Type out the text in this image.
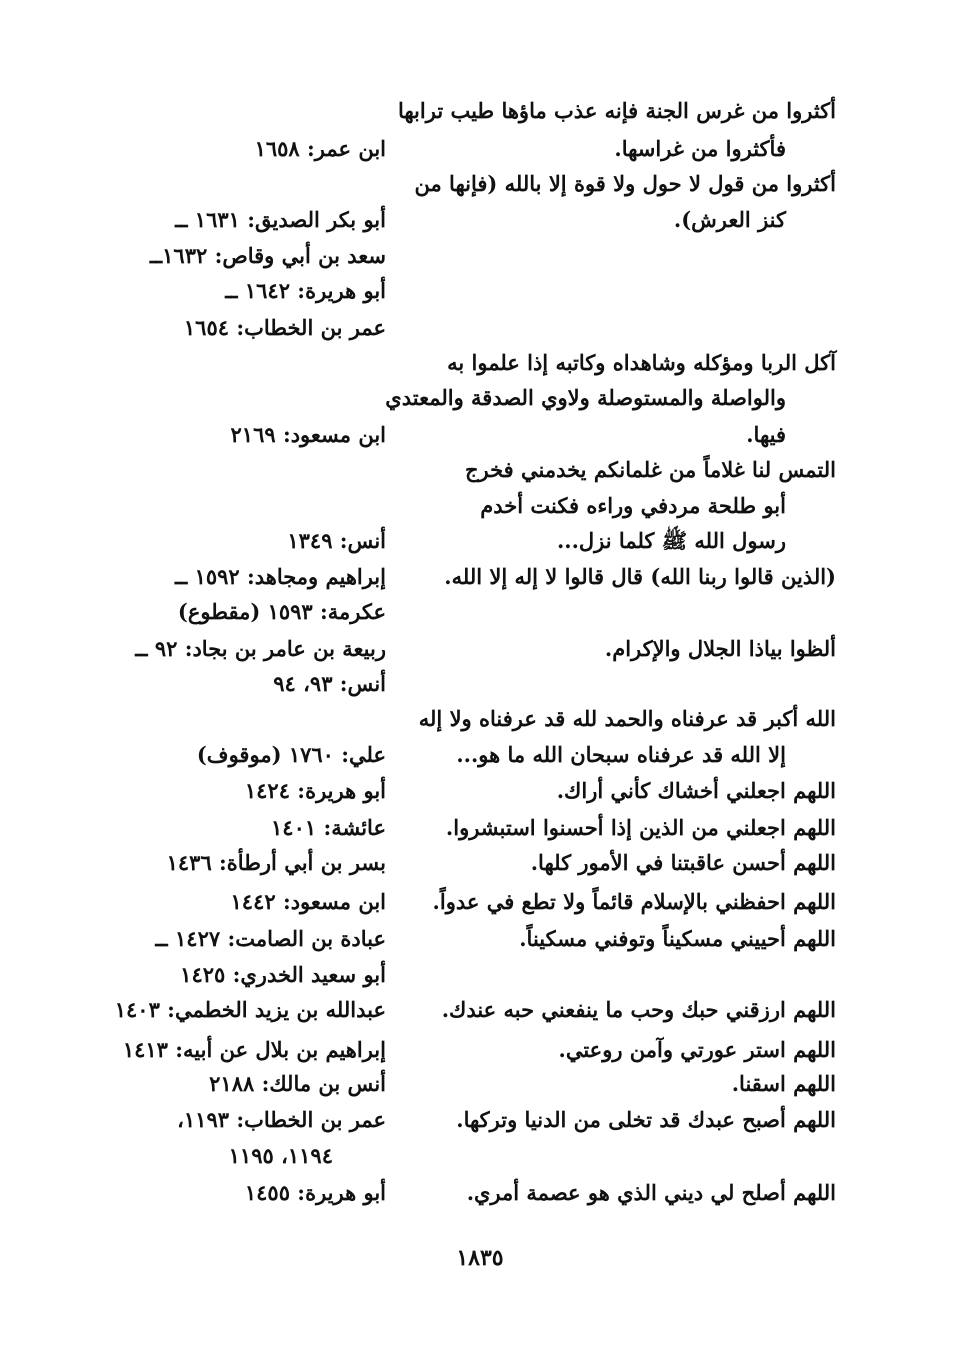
أكثروا من غرس الجنة فإنه عذب ماؤها طيب ترابها
فأكثروا من غراسها.
ابن عمر: ١٦٥٨
أكثروا من قول لا حول ولا قوة إلا بالله (فإنها من
كنز العرش).
أبو بكر الصديق: ١٦٣١ ــ
سعد بن أبي وقاص: ١٦٣٢ــ
أبو هريرة: ١٦٤٢ ــ
عمر بن الخطاب: ١٦٥٤
آكل الربا ومؤكله وشاهداه وكاتبه إذا علموا به
والواصلة والمستوصلة ولاوي الصدقة والمعتدي
فيها.
ابن مسعود: ٢١٦٩
التمس لنا غلاماً من غلمانكم يخدمني فخرج
أبو طلحة مردفي وراءه فكنت أخدم
رسول الله ﷺ كلما نزل...
أنس: ١٣٤٩
(الذين قالوا ربنا الله) قال قالوا لا إله إلا الله.
إبراهيم ومجاهد: ١٥٩٢ ــ
عكرمة: ١٥٩٣ (مقطوع)
ألظوا بياذا الجلال والإكرام.
ربيعة بن عامر بن بجاد: ٩٢ ــ
أنس: ٩٣، ٩٤
الله أكبر قد عرفناه والحمد لله قد عرفناه ولا إله
إلا الله قد عرفناه سبحان الله ما هو...
علي: ١٧٦٠ (موقوف)
اللهم اجعلني أخشاك كأني أراك.
أبو هريرة: ١٤٢٤
اللهم اجعلني من الذين إذا أحسنوا استبشروا.
عائشة: ١٤٠١
اللهم أحسن عاقبتنا في الأمور كلها.
بسر بن أبي أرطأة: ١٤٣٦
اللهم احفظني بالإسلام قائماً ولا تطع في عدواً.
ابن مسعود: ١٤٤٢
اللهم أحييني مسكيناً وتوفني مسكيناً.
عبادة بن الصامت: ١٤٢٧ ــ
أبو سعيد الخدري: ١٤٢٥
اللهم ارزقني حبك وحب ما ينفعني حبه عندك.
عبدالله بن يزيد الخطمي: ١٤٠٣
اللهم استر عورتي وآمن روعتي.
إبراهيم بن بلال عن أبيه: ١٤١٣
اللهم اسقنا.
أنس بن مالك: ٢١٨٨
اللهم أصبح عبدك قد تخلى من الدنيا وتركها.
عمر بن الخطاب: ١١٩٣،
١١٩٤، ١١٩٥
اللهم أصلح لي ديني الذي هو عصمة أمري.
أبو هريرة: ١٤٥٥
١٨٣٥
